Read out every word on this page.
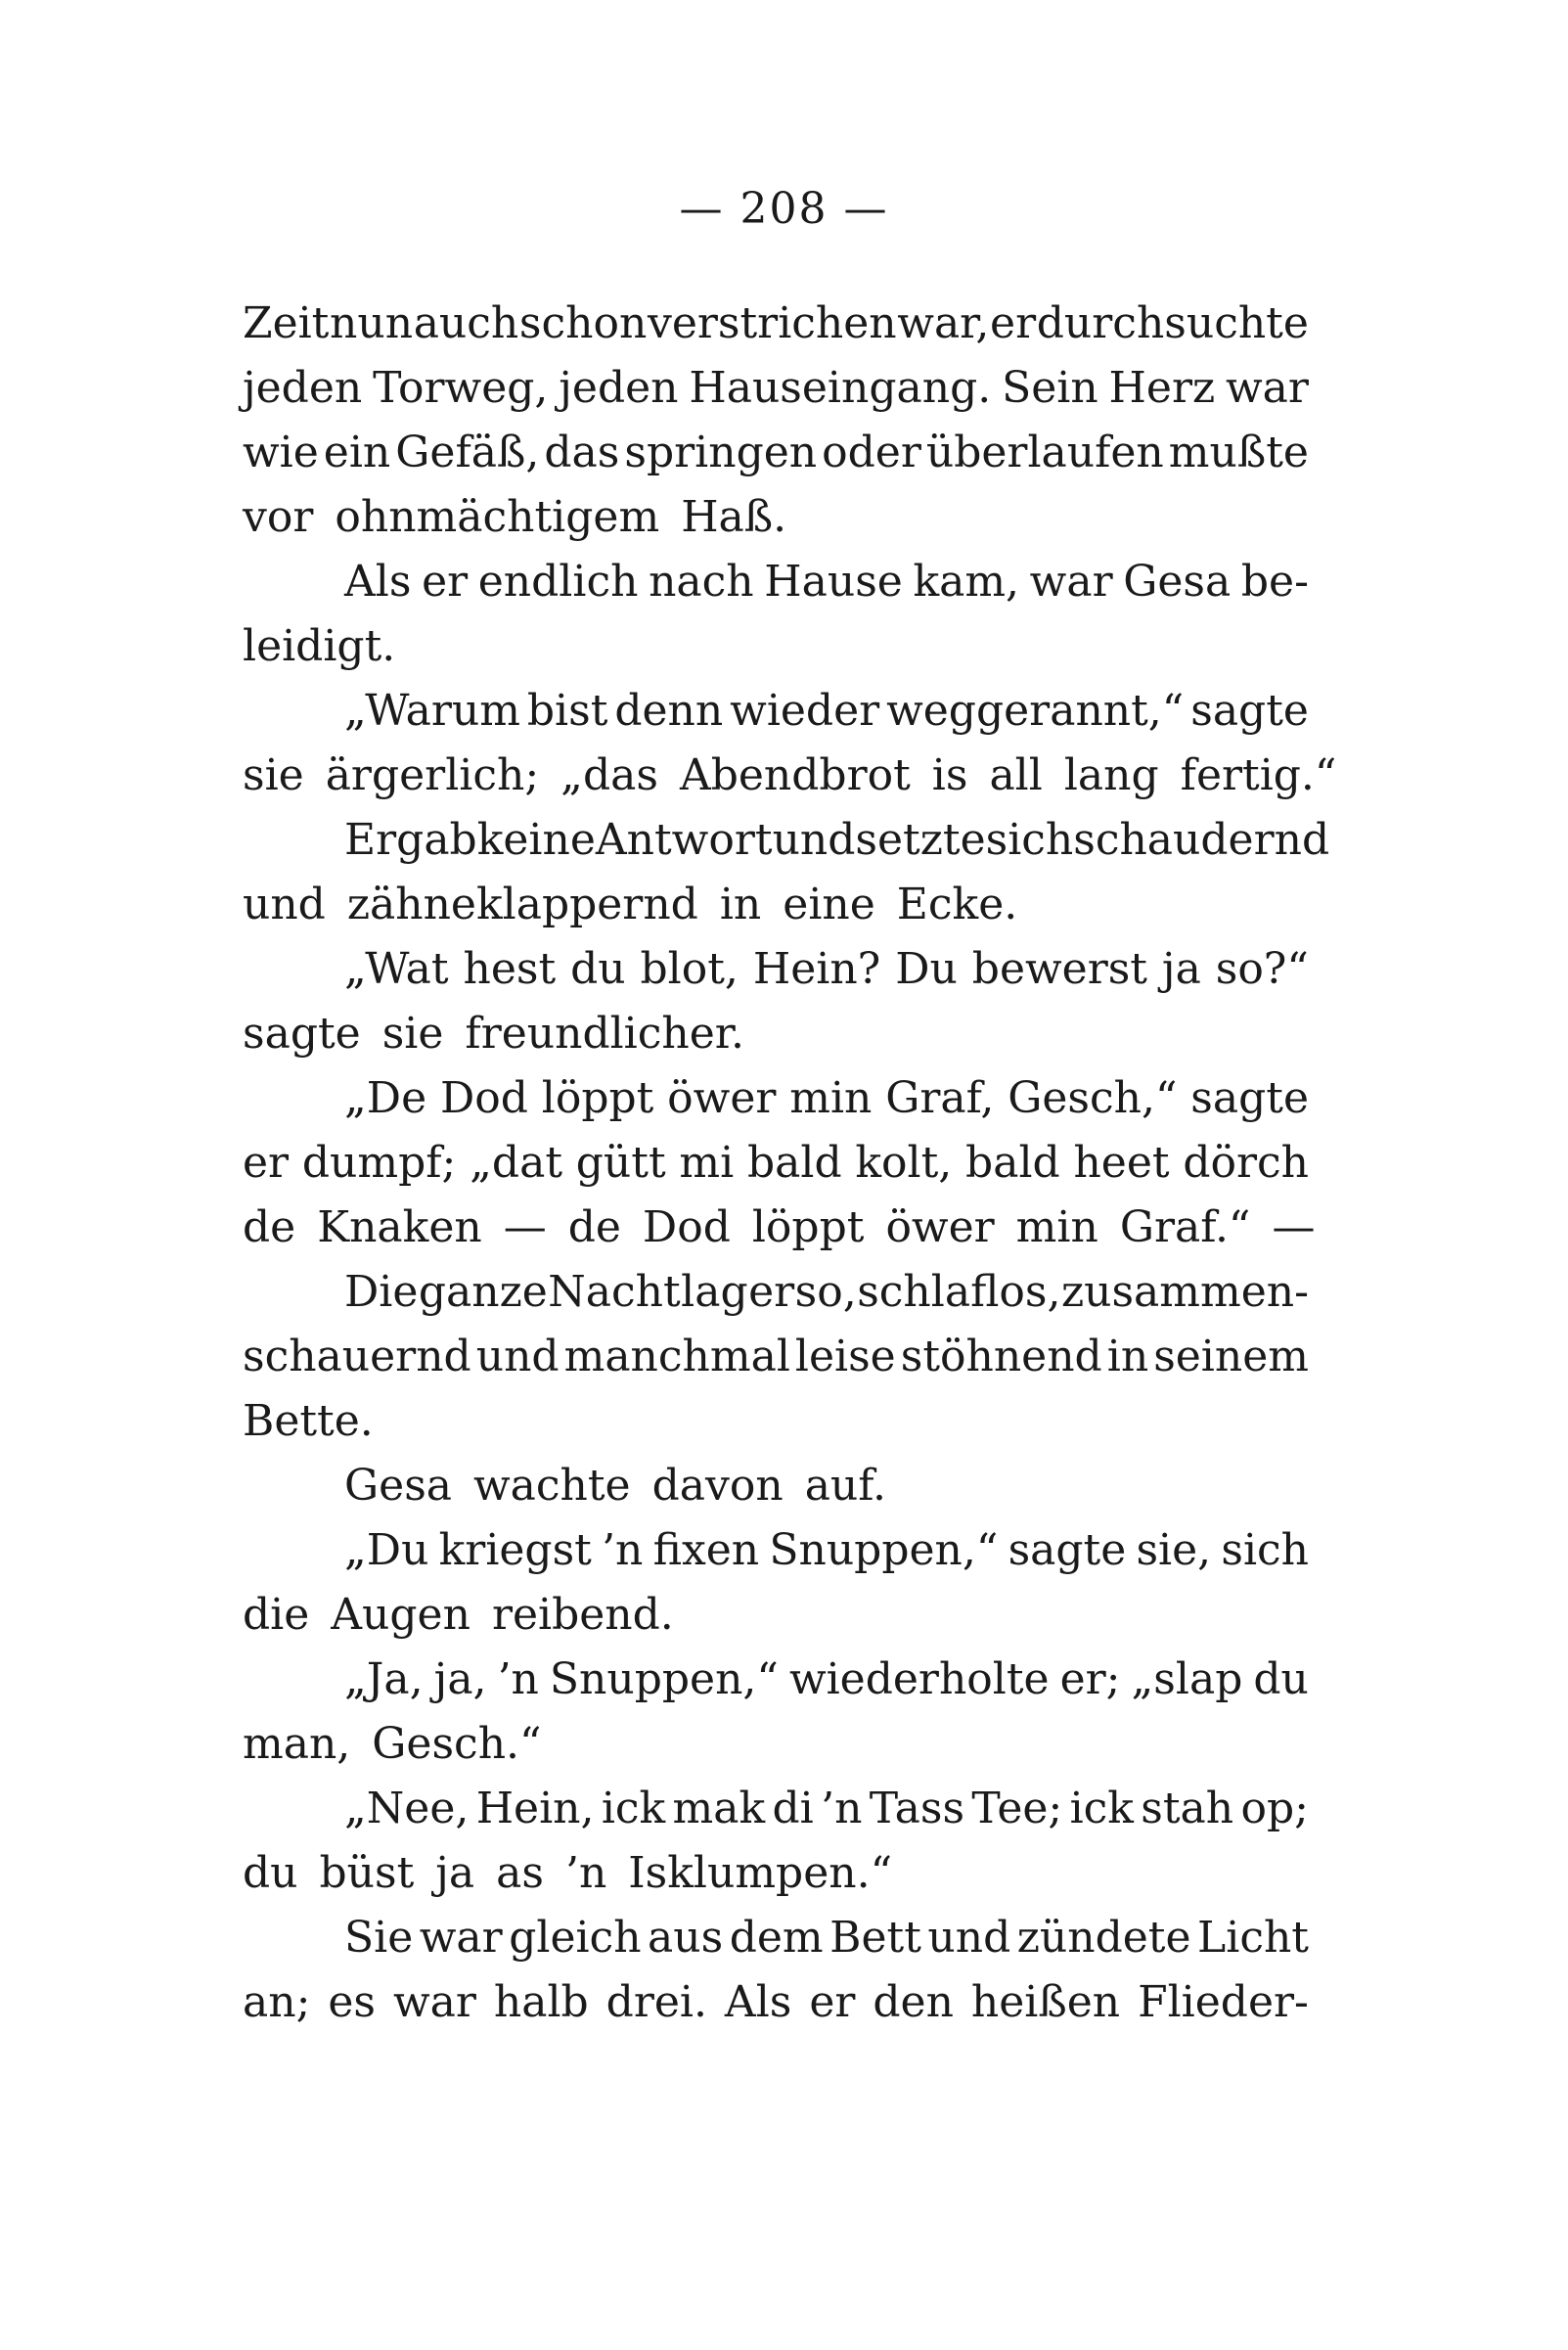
— 208 —
Zeit nun auch schon verstrichen war, er durchsuchte
jeden Torweg, jeden Hauseingang. Sein Herz war
wie ein Gefäß, das springen oder überlaufen mußte
vor ohnmächtigem Haß.
Als er endlich nach Hause kam, war Gesa be-
leidigt.
„Warum bist denn wieder weggerannt,“ sagte
sie ärgerlich; „das Abendbrot is all lang fertig.“
Er gab keine Antwort und setzte sich schaudernd
und zähneklappernd in eine Ecke.
„Wat hest du blot, Hein? Du bewerst ja so?“
sagte sie freundlicher.
„De Dod löppt öwer min Graf, Gesch,“ sagte
er dumpf; „dat gütt mi bald kolt, bald heet dörch
de Knaken — de Dod löppt öwer min Graf.“ —
Die ganze Nacht lag er so, schlaflos, zusammen-
schauernd und manchmal leise stöhnend in seinem
Bette.
Gesa wachte davon auf.
„Du kriegst ’n fixen Snuppen,“ sagte sie, sich
die Augen reibend.
„Ja, ja, ’n Snuppen,“ wiederholte er; „slap du
man, Gesch.“
„Nee, Hein, ick mak di ’n Tass Tee; ick stah op;
du büst ja as ’n Isklumpen.“
Sie war gleich aus dem Bett und zündete Licht
an; es war halb drei. Als er den heißen Flieder-
